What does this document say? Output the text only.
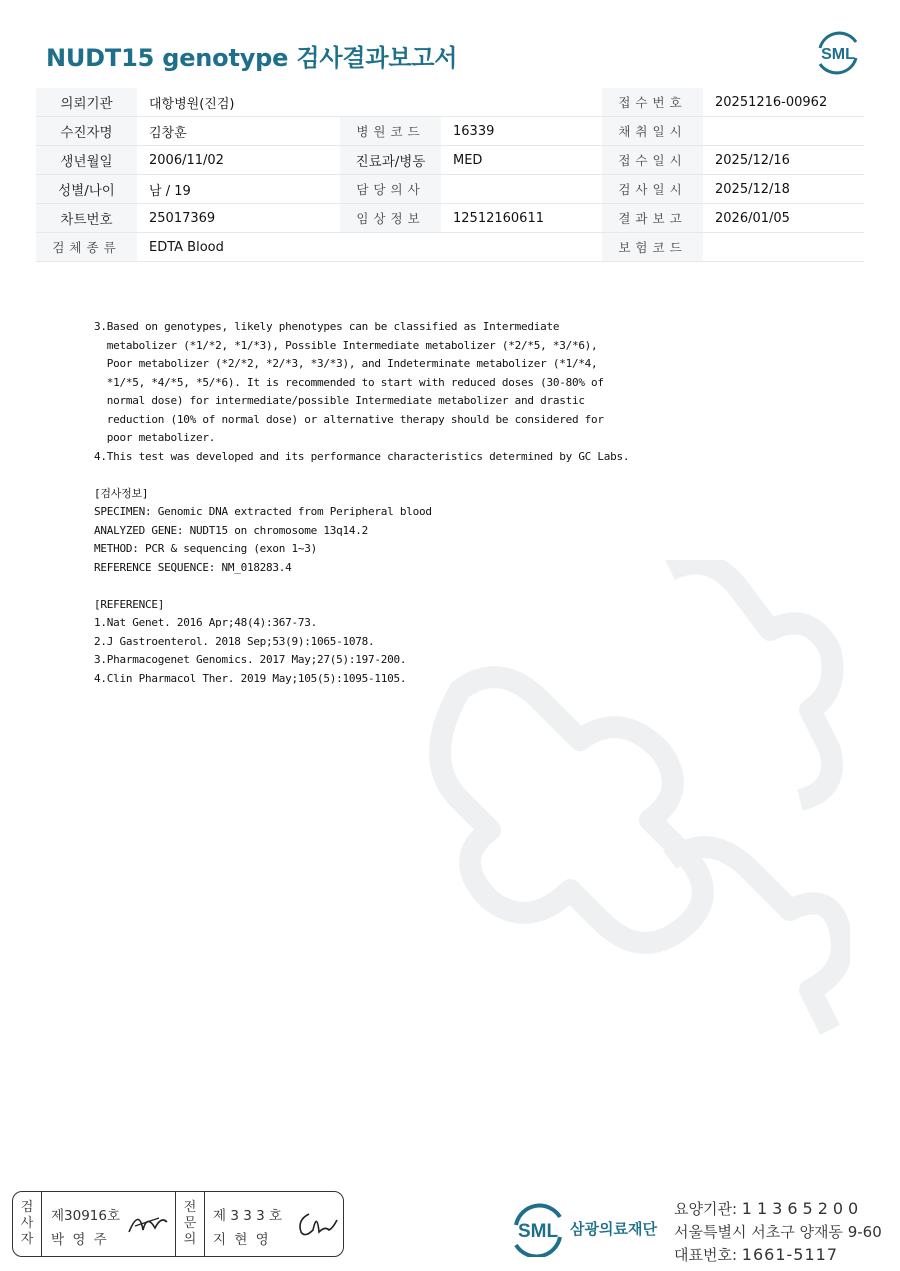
NUDT15 genotype 검사결과보고서	SML
의뢰기관	대항병원(진검)			접수번호	20251216-00962
수진자명	김창훈	병원코드	16339	채취일시	
생년월일	2006/11/02	진료과/병동	MED	접수일시	2025/12/16
성별/나이	남 / 19	담당의사		검사일시	2025/12/18
차트번호	25017369	임상정보	12512160611	결과보고	2026/01/05
검체종류	EDTA Blood			보험코드	
3.Based on genotypes, likely phenotypes can be classified as Intermediate
metabolizer (*1/*2, *1/*3), Possible Intermediate metabolizer (*2/*5, *3/*6),
Poor metabolizer (*2/*2, *2/*3, *3/*3), and Indeterminate metabolizer (*1/*4,
*1/*5, *4/*5, *5/*6). It is recommended to start with reduced doses (30-80% of
normal dose) for intermediate/possible Intermediate metabolizer and drastic
reduction (10% of normal dose) or alternative therapy should be considered for
poor metabolizer.
4.This test was developed and its performance characteristics determined by GC Labs.
[검사정보]
SPECIMEN: Genomic DNA extracted from Peripheral blood
ANALYZED GENE: NUDT15 on chromosome 13q14.2
METHOD: PCR & sequencing (exon 1~3)
REFERENCE SEQUENCE: NM_018283.4
[REFERENCE]
1.Nat Genet. 2016 Apr;48(4):367-73.
2.J Gastroenterol. 2018 Sep;53(9):1065-1078.
3.Pharmacogenet Genomics. 2017 May;27(5):197-200.
4.Clin Pharmacol Ther. 2019 May;105(5):1095-1105.
검
사
자
제30916호
박 영 주
전
문
의
제 3 3 3 호
지 현 영	SML 삼광의료재단
요양기관: 11365200
서울특별시 서초구 양재동 9-60
대표번호: 1661-5117
